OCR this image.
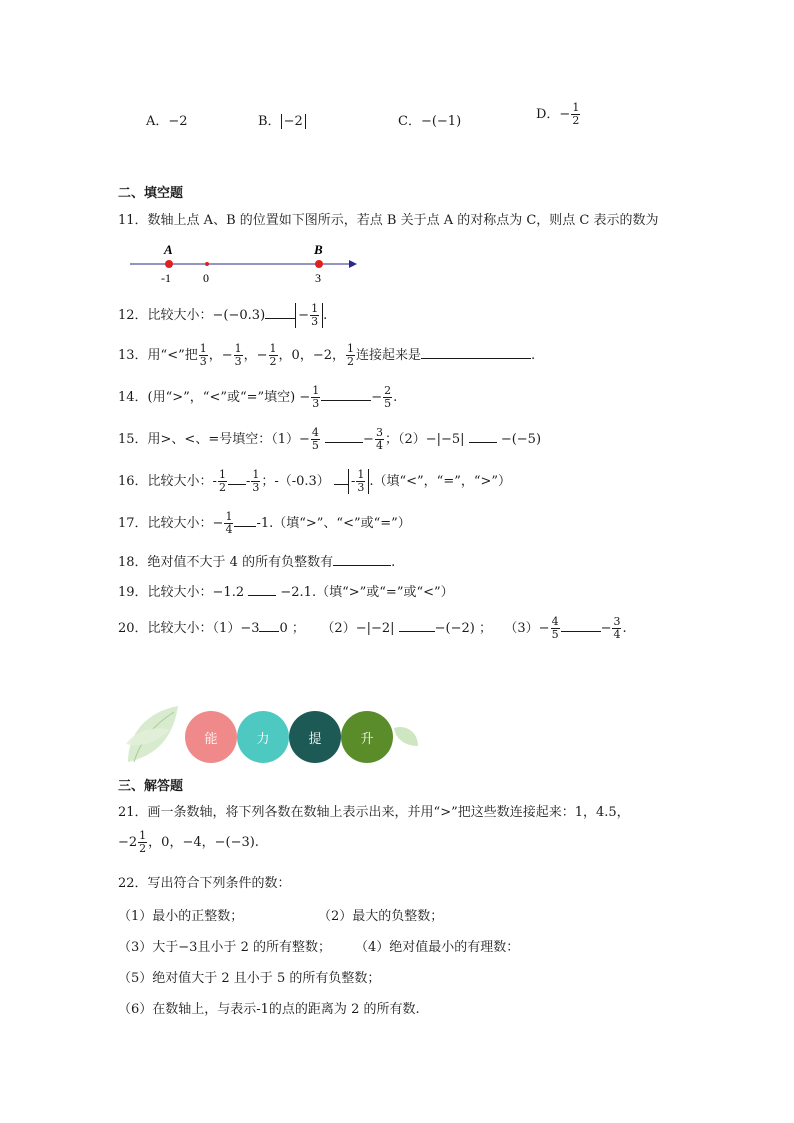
A．−2	B． −2	C．−(−1)	D．− $\frac{1}{2}$
二、填空题
11．数轴上点 A、B 的位置如下图所示，若点 B 关于点 A 的对称点为 C，则点 C 表示的数为
A	B
-1	0	3
12．比较大小：−(−0.3)	− $\frac{1}{3}$ .
13．用“<”把 $\frac{1}{3}$ ，− $\frac{1}{3}$ ，− $\frac{1}{2}$ ，0，−2， $\frac{1}{2}$ 连接起来是	.
14．(用“>”，“<”或“=”填空) − $\frac{1}{3}$	− $\frac{2}{5}$ .
15．用>、<、=号填空：$(1)- \frac{4}{5}$	− $\frac{3}{4}$ ；（2）−|−5|	−(−5)
16．比较大小：- $\frac{1}{2} - \frac{1}{3}$ ；$-(-0.3) - \frac{1}{3}$ .（填“<”，“=”，“>”）
17．比较大小：− $\frac{1}{4} -1$.（填“>”、“<”或“=”）
18．绝对值不大于 4 的所有负整数有	.
19．比较大小：−1.2	−2.1.（填“>”或“=”或“<”）
20．比较大小：（1）−3 0 ； （2）−|−2|	−(−2) ； $(3)- \frac{4}{5}$	− $\frac{3}{4}$ .
能	力	提	升
三、解答题
21．画一条数轴，将下列各数在数轴上表示出来，并用“>”把这些数连接起来：1，4.5，
$-2 \frac{1}{2}$ ，0，−4，−(−3).
22．写出符合下列条件的数：
（1）最小的正整数；	（2）最大的负整数；
（3）大于−3且小于 2 的所有整数； （4）绝对值最小的有理数：
（5）绝对值大于 2 且小于 5 的所有负整数；
（6）在数轴上，与表示-1的点的距离为 2 的所有数.
